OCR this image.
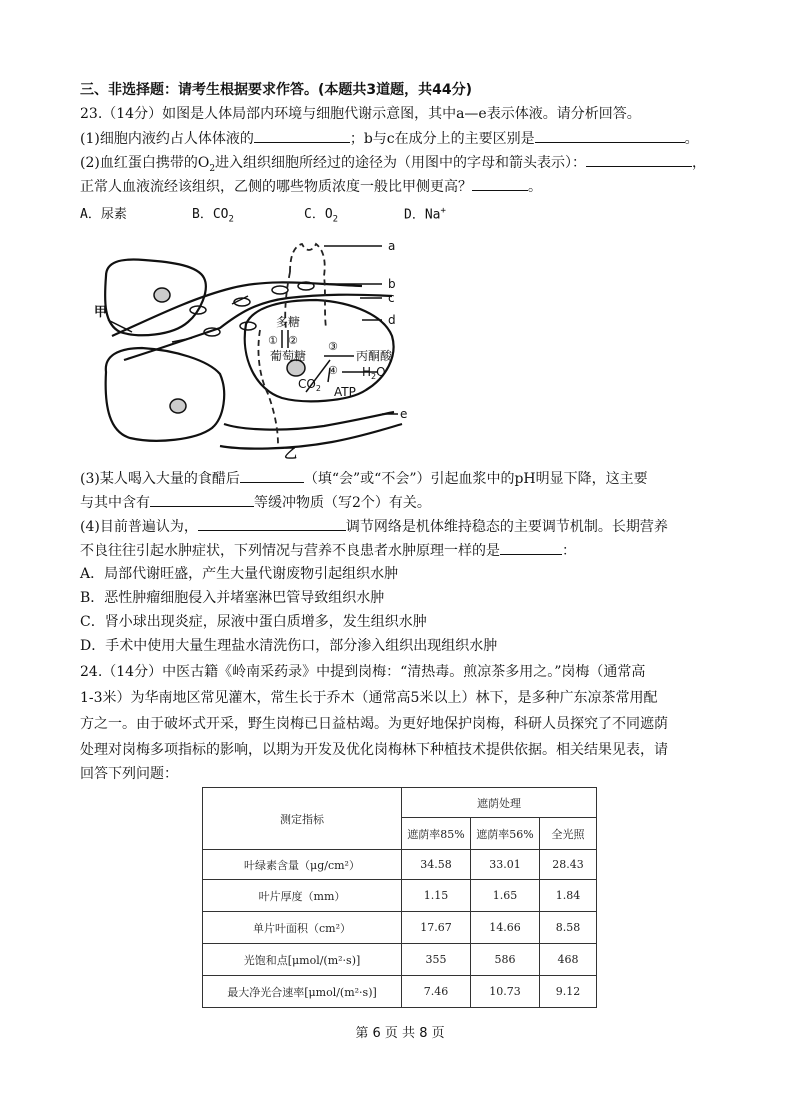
三、非选择题：请考生根据要求作答。(本题共3道题，共44分)
23.（14分）如图是人体局部内环境与细胞代谢示意图，其中a—e表示体液。请分析回答。
(1)细胞内液约占人体体液的	；b与c在成分上的主要区别是	。
(2)血红蛋白携带的$O_2$进入组织细胞所经过的途径为（用图中的字母和箭头表示）：	，
正常人血液流经该组织，乙侧的哪些物质浓度一般比甲侧更高？	。
A．尿素	B．$CO_2$	C．$O_2$	D．Na+
a
b
c
d
e
甲
乙
多糖
① ②
葡萄糖
③
丙酮酸
④
$CO_2$
$H_2O$
ATP
(3)某人喝入大量的食醋后	（填“会”或“不会”）引起血浆中的pH明显下降，这主要
与其中含有	等缓冲物质（写2个）有关。
(4)目前普遍认为，	调节网络是机体维持稳态的主要调节机制。长期营养
不良往往引起水肿症状，下列情况与营养不良患者水肿原理一样的是	：
A．局部代谢旺盛，产生大量代谢废物引起组织水肿
B．恶性肿瘤细胞侵入并堵塞淋巴管导致组织水肿
C．肾小球出现炎症，尿液中蛋白质增多，发生组织水肿
D．手术中使用大量生理盐水清洗伤口，部分渗入组织出现组织水肿
24.（14分）中医古籍《岭南采药录》中提到岗梅：“清热毒。煎凉茶多用之。”岗梅（通常高
1-3米）为华南地区常见灌木，常生长于乔木（通常高5米以上）林下，是多种广东凉茶常用配
方之一。由于破坏式开采，野生岗梅已日益枯竭。为更好地保护岗梅，科研人员探究了不同遮荫
处理对岗梅多项指标的影响，以期为开发及优化岗梅林下种植技术提供依据。相关结果见表，请
回答下列问题：
测定指标	遮荫处理		
	遮荫率85%	遮荫率56%	全光照
叶绿素含量（μg/cm²）	34.58	33.01	28.43
叶片厚度（mm）	1.15	1.65	1.84
单片叶面积（cm²）	17.67	14.66	8.58
光饱和点[μmol/(m²·s)]	355	586	468
最大净光合速率[μmol/(m²·s)]	7.46	10.73	9.12
第 6 页 共 8 页
